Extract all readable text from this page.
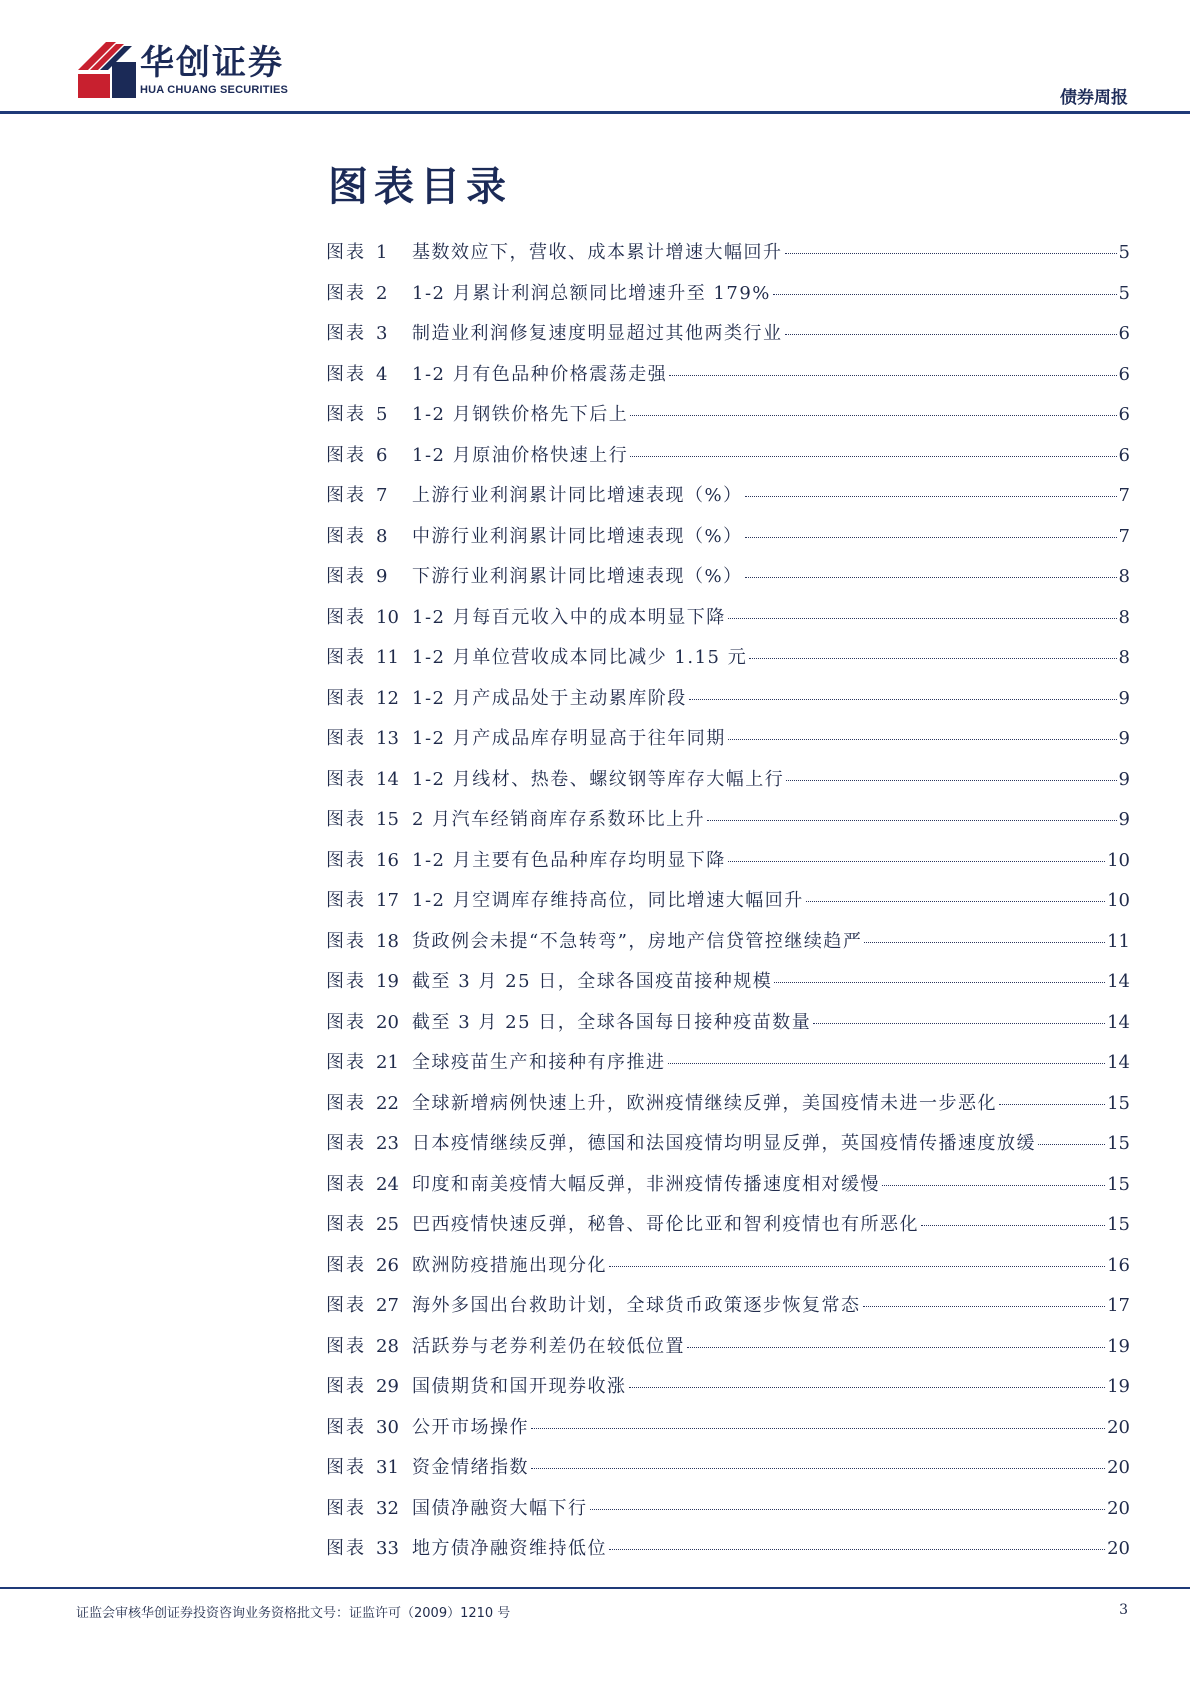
华创证券
HUA CHUANG SECURITIES	债券周报
图表目录
图表 1	基数效应下，营收、成本累计增速大幅回升	5
图表 2	1-2 月累计利润总额同比增速升至 179%	5
图表 3	制造业利润修复速度明显超过其他两类行业	6
图表 4	1-2 月有色品种价格震荡走强	6
图表 5	1-2 月钢铁价格先下后上	6
图表 6	1-2 月原油价格快速上行	6
图表 7	上游行业利润累计同比增速表现（%）	7
图表 8	中游行业利润累计同比增速表现（%）	7
图表 9	下游行业利润累计同比增速表现（%）	8
图表 10 1-2 月每百元收入中的成本明显下降	8
图表 11 1-2 月单位营收成本同比减少 1.15 元	8
图表 12 1-2 月产成品处于主动累库阶段	9
图表 13 1-2 月产成品库存明显高于往年同期	9
图表 14 1-2 月线材、热卷、螺纹钢等库存大幅上行	9
图表 15 2 月汽车经销商库存系数环比上升	9
图表 16 1-2 月主要有色品种库存均明显下降	10
图表 17 1-2 月空调库存维持高位，同比增速大幅回升	10
图表 18 货政例会未提“不急转弯”，房地产信贷管控继续趋严	11
图表 19 截至 3 月 25 日，全球各国疫苗接种规模	14
图表 20 截至 3 月 25 日，全球各国每日接种疫苗数量	14
图表 21 全球疫苗生产和接种有序推进	14
图表 22 全球新增病例快速上升，欧洲疫情继续反弹，美国疫情未进一步恶化	15
图表 23 日本疫情继续反弹，德国和法国疫情均明显反弹，英国疫情传播速度放缓	15
图表 24 印度和南美疫情大幅反弹，非洲疫情传播速度相对缓慢	15
图表 25 巴西疫情快速反弹，秘鲁、哥伦比亚和智利疫情也有所恶化	15
图表 26 欧洲防疫措施出现分化	16
图表 27 海外多国出台救助计划，全球货币政策逐步恢复常态	17
图表 28 活跃券与老券利差仍在较低位置	19
图表 29 国债期货和国开现券收涨	19
图表 30 公开市场操作	20
图表 31 资金情绪指数	20
图表 32 国债净融资大幅下行	20
图表 33 地方债净融资维持低位	20
证监会审核华创证券投资咨询业务资格批文号：证监许可（2009）1210 号	3
